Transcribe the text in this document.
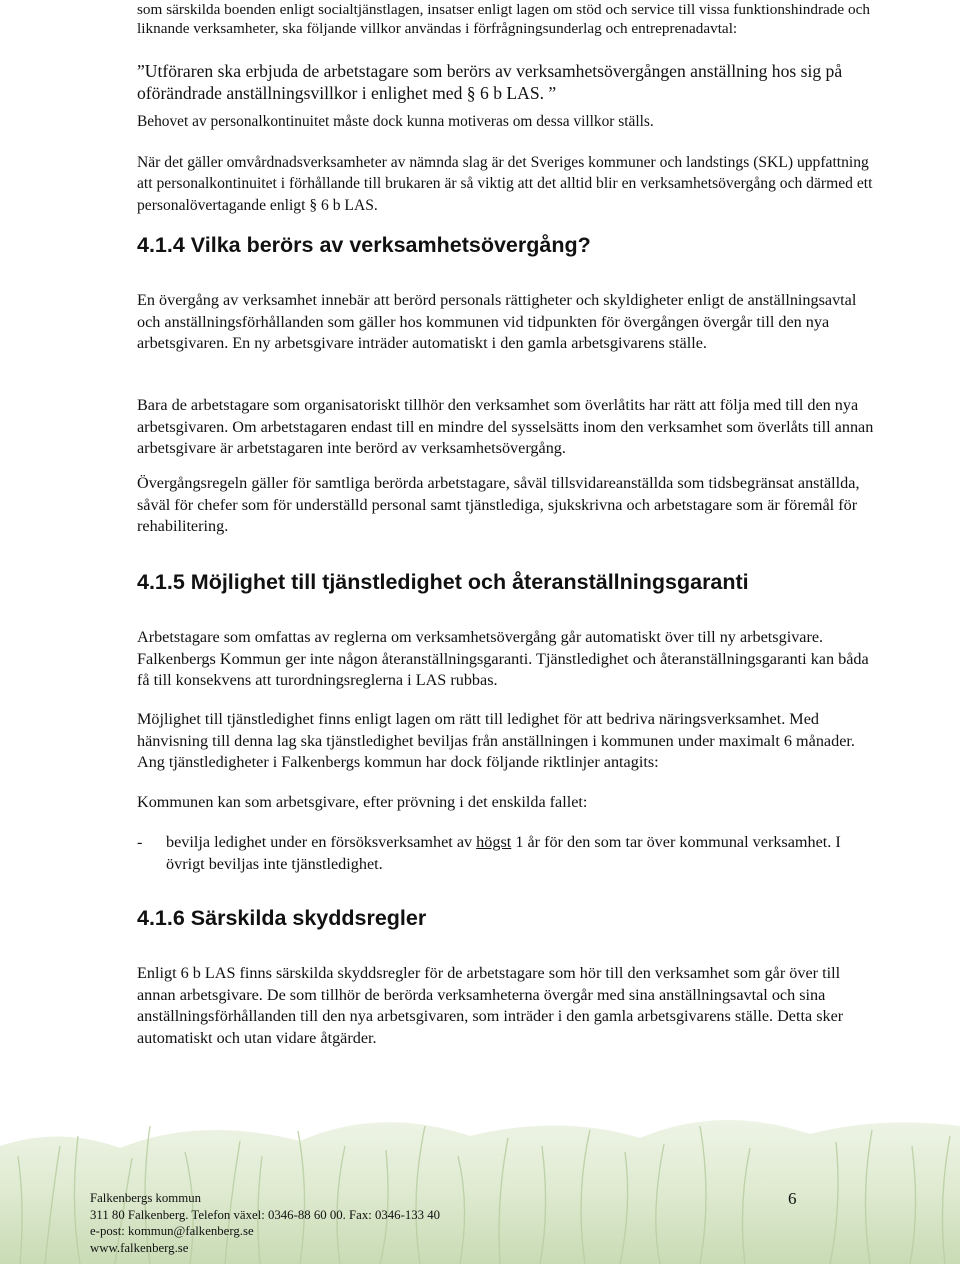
som särskilda boenden enligt socialtjänstlagen, insatser enligt lagen om stöd och service till vissa funktionshindrade och liknande verksamheter, ska följande villkor användas i förfrågningsunderlag och entreprenadavtal:

”Utföraren ska erbjuda de arbetstagare som berörs av verksamhetsövergången anställning hos sig på oförändrade anställningsvillkor i enlighet med § 6 b LAS. ”

Behovet av personalkontinuitet måste dock kunna motiveras om dessa villkor ställs.

När det gäller omvårdnadsverksamheter av nämnda slag är det Sveriges kommuner och landstings (SKL) uppfattning att personalkontinuitet i förhållande till brukaren är så viktig att det alltid blir en verksamhetsövergång och därmed ett personalövertagande enligt § 6 b LAS.

4.1.4 Vilka berörs av verksamhetsövergång?

En övergång av verksamhet innebär att berörd personals rättigheter och skyldigheter enligt de anställningsavtal och anställningsförhållanden som gäller hos kommunen vid tidpunkten för övergången övergår till den nya arbetsgivaren. En ny arbetsgivare inträder automatiskt i den gamla arbetsgivarens ställe.

Bara de arbetstagare som organisatoriskt tillhör den verksamhet som överlåtits har rätt att följa med till den nya arbetsgivaren. Om arbetstagaren endast till en mindre del sysselsätts inom den verksamhet som överlåts till annan arbetsgivare är arbetstagaren inte berörd av verksamhetsövergång.

Övergångsregeln gäller för samtliga berörda arbetstagare, såväl tillsvidareanställda som tidsbegränsat anställda, såväl för chefer som för underställd personal samt tjänstlediga, sjukskrivna och arbetstagare som är föremål för rehabilitering.

4.1.5 Möjlighet till tjänstledighet och återanställningsgaranti

Arbetstagare som omfattas av reglerna om verksamhetsövergång går automatiskt över till ny arbetsgivare. Falkenbergs Kommun ger inte någon återanställningsgaranti. Tjänstledighet och återanställningsgaranti kan båda få till konsekvens att turordningsreglerna i LAS rubbas.

Möjlighet till tjänstledighet finns enligt lagen om rätt till ledighet för att bedriva näringsverksamhet. Med hänvisning till denna lag ska tjänstledighet beviljas från anställningen i kommunen under maximalt 6 månader. Ang tjänstledigheter i Falkenbergs kommun har dock följande riktlinjer antagits:

Kommunen kan som arbetsgivare, efter prövning i det enskilda fallet:

-	bevilja ledighet under en försöksverksamhet av högst 1 år för den som tar över kommunal verksamhet. I övrigt beviljas inte tjänstledighet.
4.1.6 Särskilda skyddsregler

Enligt 6 b LAS finns särskilda skyddsregler för de arbetstagare som hör till den verksamhet som går över till annan arbetsgivare. De som tillhör de berörda verksamheterna övergår med sina anställningsavtal och sina anställningsförhållanden till den nya arbetsgivaren, som inträder i den gamla arbetsgivarens ställe. Detta sker automatiskt och utan vidare åtgärder.

Falkenbergs kommun
311 80 Falkenberg. Telefon växel: 0346-88 60 00. Fax: 0346-133 40
e-post: kommun@falkenberg.se
www.falkenberg.se
6
